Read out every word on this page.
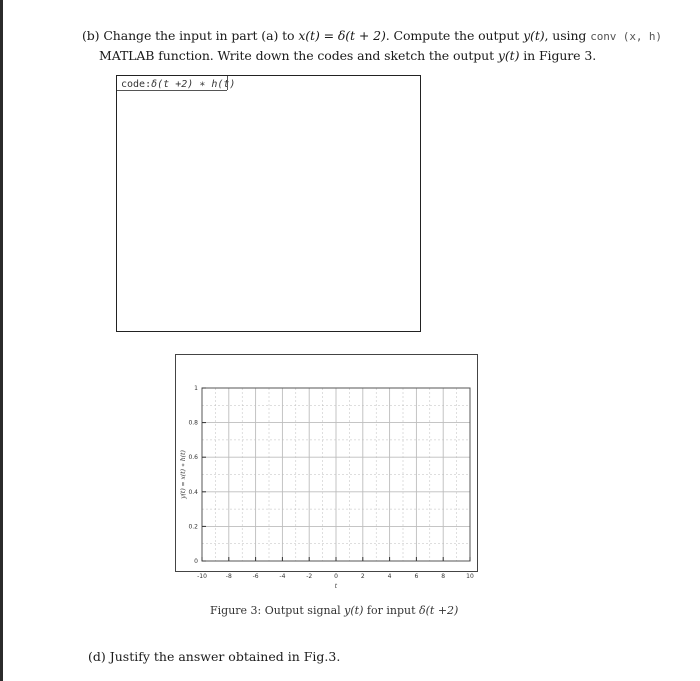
(b) Change the input in part (a) to x(t) = δ(t + 2). Compute the output y(t), using conv (x, h)
MATLAB function. Write down the codes and sketch the output y(t) in Figure 3.
code:δ(t +2) ∗ h(t)
-10	-8	-6	-4	-2	0	2	4	6	8	10
0
0.2
0.4
0.6
0.8
1
t
y(t) = x(t) ∗ h(t)
Figure 3: Output signal y(t) for input δ(t +2)
(d) Justify the answer obtained in Fig.3.
